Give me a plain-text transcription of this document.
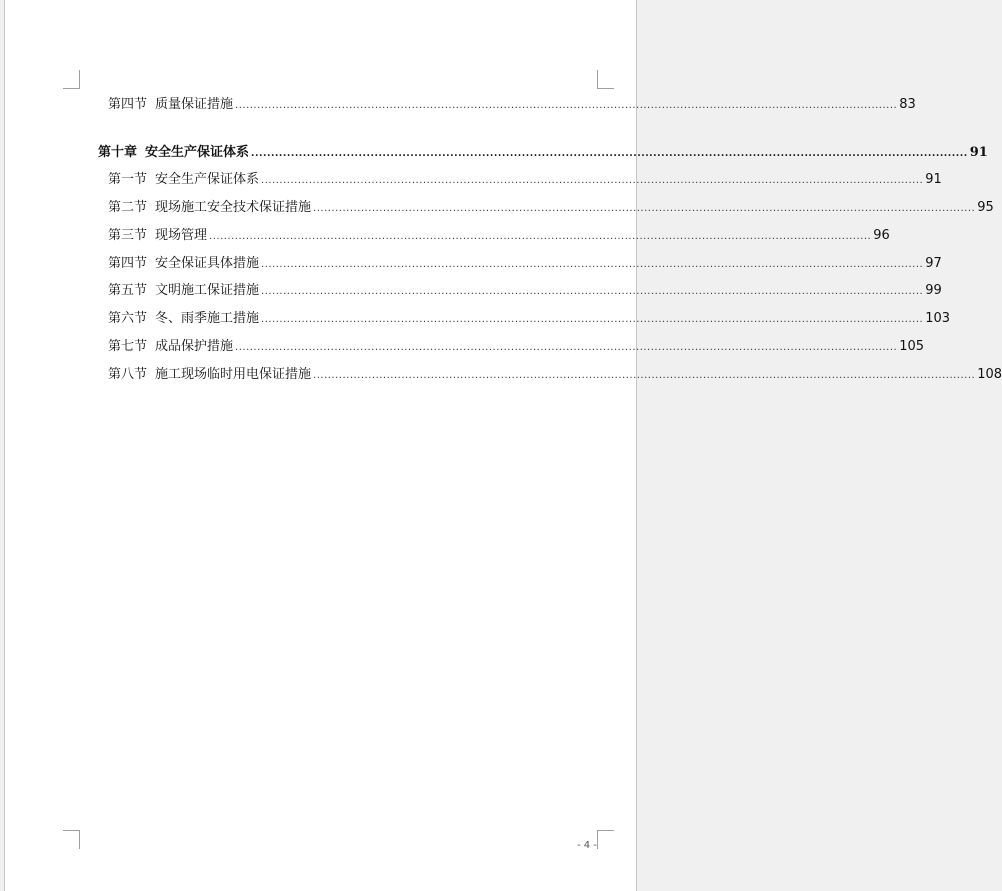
第四节 质量保证措施 .................................................................................................................................................................................... 83
第十章 安全生产保证体系 .................................................................................................................................................................................... 91
第一节 安全生产保证体系 .................................................................................................................................................................................... 91
第二节 现场施工安全技术保证措施 .................................................................................................................................................................................... 95
第三节 现场管理 .................................................................................................................................................................................... 96
第四节 安全保证具体措施 .................................................................................................................................................................................... 97
第五节 文明施工保证措施 .................................................................................................................................................................................... 99
第六节 冬、雨季施工措施 .................................................................................................................................................................................... 103
第七节 成品保护措施 .................................................................................................................................................................................... 105
第八节 施工现场临时用电保证措施 .................................................................................................................................................................................... 108
- 4 -
